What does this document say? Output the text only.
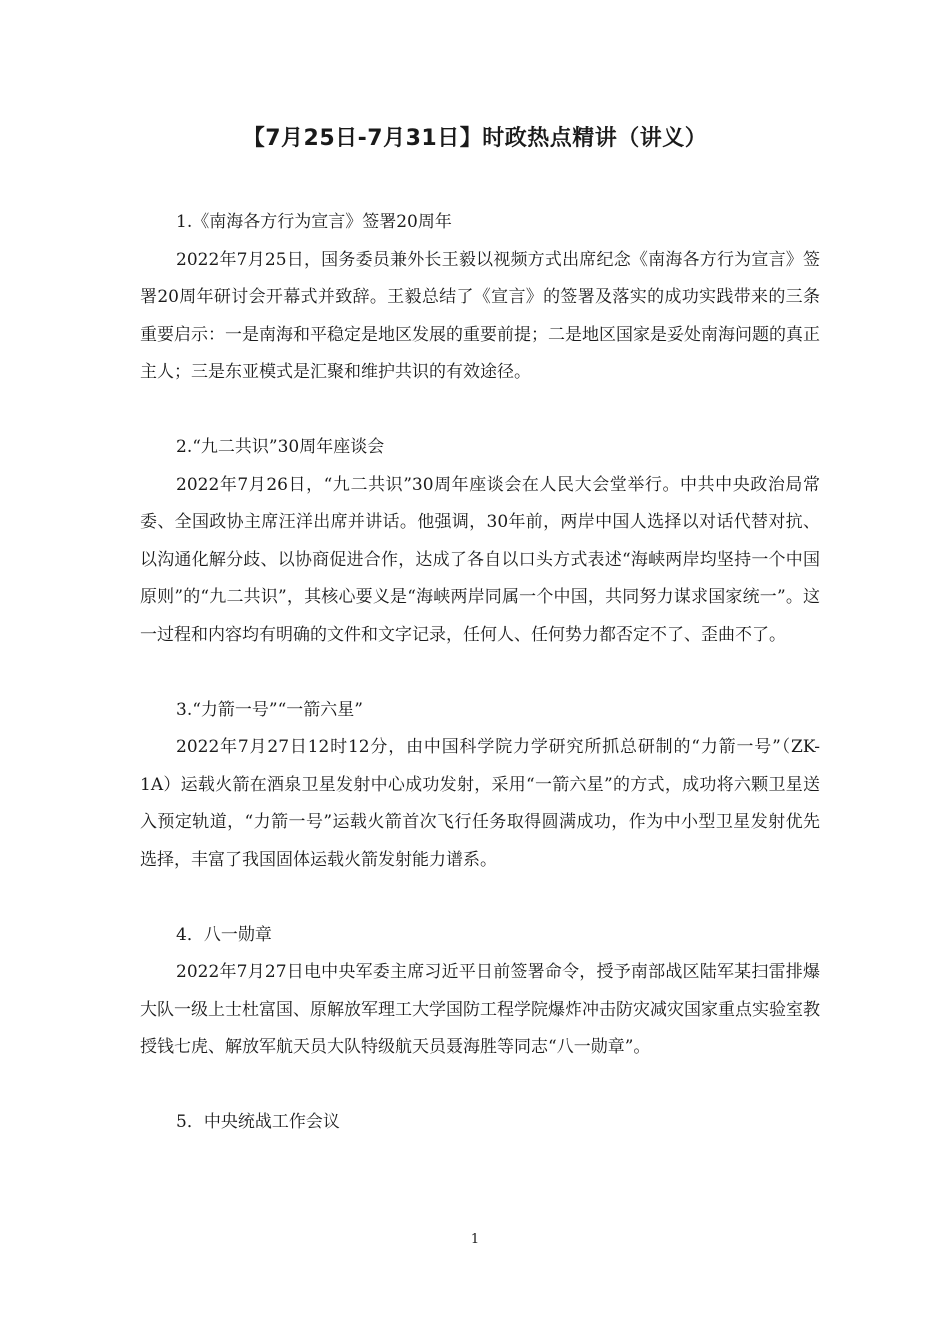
【7月25日-7月31日】时政热点精讲（讲义）

1.《南海各方行为宣言》签署20周年

2022年7月25日，国务委员兼外长王毅以视频方式出席纪念《南海各方行为宣言》签署20周年研讨会开幕式并致辞。王毅总结了《宣言》的签署及落实的成功实践带来的三条重要启示：一是南海和平稳定是地区发展的重要前提；二是地区国家是妥处南海问题的真正主人；三是东亚模式是汇聚和维护共识的有效途径。

2.“九二共识”30周年座谈会

2022年7月26日，“九二共识”30周年座谈会在人民大会堂举行。中共中央政治局常委、全国政协主席汪洋出席并讲话。他强调，30年前，两岸中国人选择以对话代替对抗、以沟通化解分歧、以协商促进合作，达成了各自以口头方式表述“海峡两岸均坚持一个中国原则”的“九二共识”，其核心要义是“海峡两岸同属一个中国，共同努力谋求国家统一”。这一过程和内容均有明确的文件和文字记录，任何人、任何势力都否定不了、歪曲不了。

3.“力箭一号”“一箭六星”

2022年7月27日12时12分，由中国科学院力学研究所抓总研制的“力箭一号”（ZK-1A）运载火箭在酒泉卫星发射中心成功发射，采用“一箭六星”的方式，成功将六颗卫星送入预定轨道，“力箭一号”运载火箭首次飞行任务取得圆满成功，作为中小型卫星发射优先选择，丰富了我国固体运载火箭发射能力谱系。

4．八一勋章

2022年7月27日电中央军委主席习近平日前签署命令，授予南部战区陆军某扫雷排爆大队一级上士杜富国、原解放军理工大学国防工程学院爆炸冲击防灾减灾国家重点实验室教授钱七虎、解放军航天员大队特级航天员聂海胜等同志“八一勋章”。

5．中央统战工作会议

1
